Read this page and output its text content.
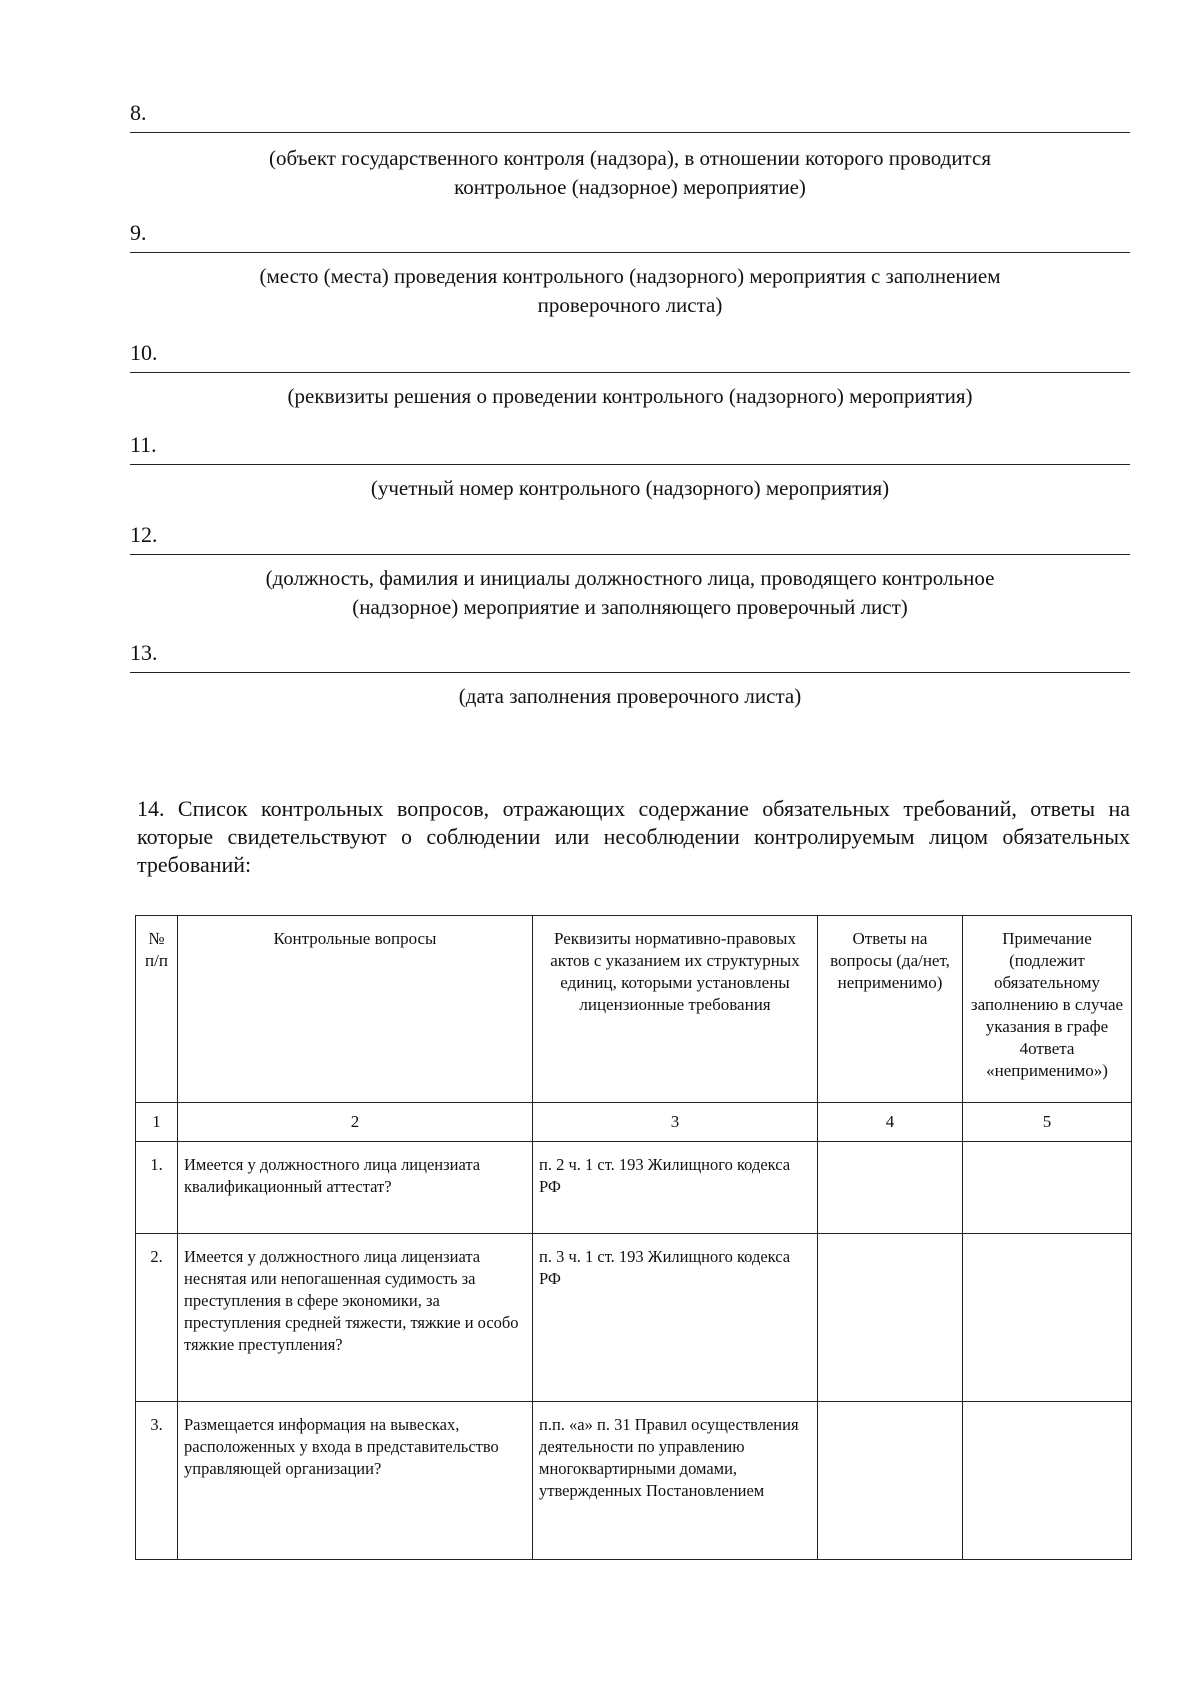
8.
(объект государственного контроля (надзора), в отношении которого проводится
контрольное (надзорное) мероприятие)
9.
(место (места) проведения контрольного (надзорного) мероприятия с заполнением
проверочного листа)
10.
(реквизиты решения о проведении контрольного (надзорного) мероприятия)
11.
(учетный номер контрольного (надзорного) мероприятия)
12.
(должность, фамилия и инициалы должностного лица, проводящего контрольное
(надзорное) мероприятие и заполняющего проверочный лист)
13.
(дата заполнения проверочного листа)
14. Список контрольных вопросов, отражающих содержание обязательных требований, ответы на которые свидетельствуют о соблюдении или несоблюдении контролируемым лицом обязательных требований:
№ п/п	Контрольные вопросы	Реквизиты нормативно-правовых актов с указанием их структурных единиц, которыми установлены лицензионные требования	Ответы на вопросы (да/нет, неприменимо)	Примечание (подлежит обязательному заполнению в случае указания в графе 4ответа «неприменимо»)
1	2	3	4	5
1.	Имеется у должностного лица лицензиата квалификационный аттестат?	п. 2 ч. 1 ст. 193 Жилищного кодекса РФ		
2.	Имеется у должностного лица лицензиата неснятая или непогашенная судимость за преступления в сфере экономики, за преступления средней тяжести, тяжкие и особо тяжкие преступления?	п. 3 ч. 1 ст. 193 Жилищного кодекса РФ		
3.	Размещается информация на вывесках, расположенных у входа в представительство управляющей организации?	п.п. «а» п. 31 Правил осуществления деятельности по управлению многоквартирными домами, утвержденных Постановлением		
